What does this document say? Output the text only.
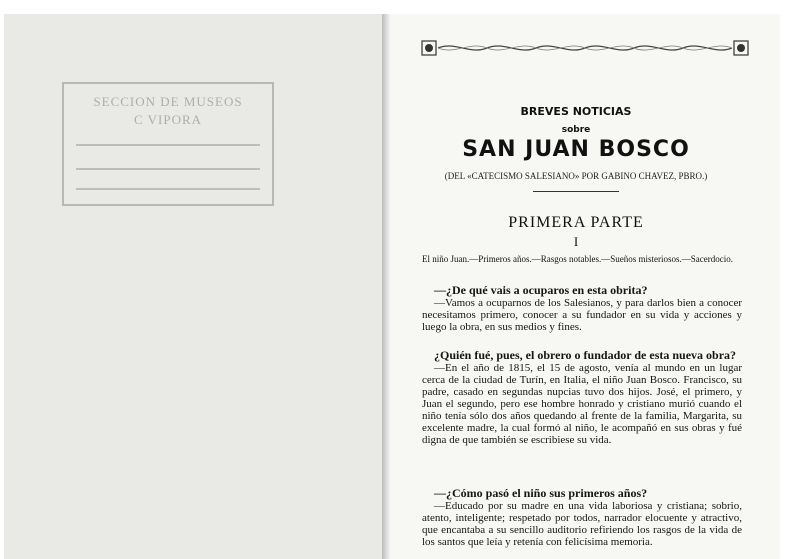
SECCION DE MUSEOS
C VIPORA
BREVES NOTICIAS
sobre
SAN JUAN BOSCO
(DEL «CATECISMO SALESIANO» POR GABINO CHAVEZ, PBRO.)
PRIMERA PARTE
I
El niño Juan.—Primeros años.—Rasgos notables.—Sueños misteriosos.—Sacerdocio.

—¿De qué vais a ocuparos en esta obrita?

—Vamos a ocuparnos de los Salesianos, y para darlos bien a conocer necesitamos primero, conocer a su fundador en su vida y acciones y luego la obra, en sus medios y fines.

¿Quién fué, pues, el obrero o fundador de esta nueva obra?

—En el año de 1815, el 15 de agosto, venía al mundo en un lugar cerca de la ciudad de Turín, en Italia, el niño Juan Bosco. Francisco, su padre, casado en segundas nupcias tuvo dos hijos. José, el primero, y Juan el segundo, pero ese hombre honrado y cristiano murió cuando el niño tenía sólo dos años quedando al frente de la familia, Margarita, su excelente madre, la cual formó al niño, le acompañó en sus obras y fué digna de que también se escribiese su vida.

—¿Cómo pasó el niño sus primeros años?

—Educado por su madre en una vida laboriosa y cristiana; sobrio, atento, inteligente; respetado por todos, narrador elocuente y atractivo, que encantaba a su sencillo auditorio refiriendo los rasgos de la vida de los santos que leía y retenía con felicísima memoria.
